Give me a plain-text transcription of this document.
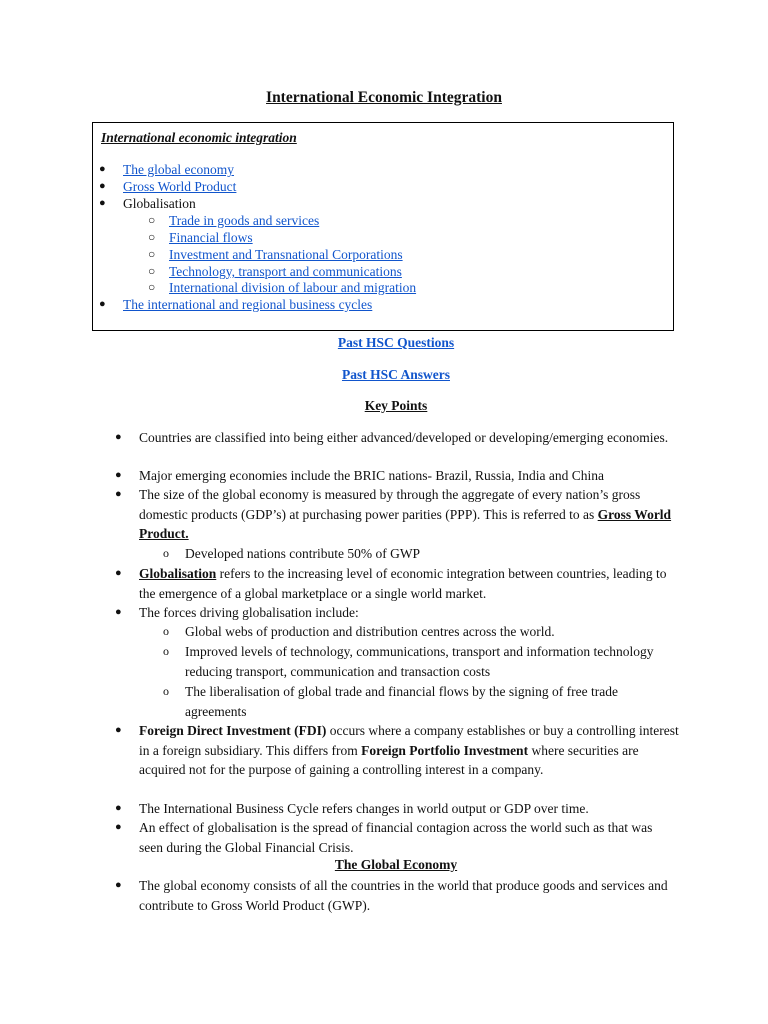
International Economic Integration
International economic integration
● The global economy
● Gross World Product
● Globalisation
○ Trade in goods and services
○ Financial flows
○ Investment and Transnational Corporations
○ Technology, transport and communications
○ International division of labour and migration
● The international and regional business cycles
Past HSC Questions
Past HSC Answers
Key Points
● Countries are classified into being either advanced/developed or developing/emerging economies.
● Major emerging economies include the BRIC nations- Brazil, Russia, India and China
● The size of the global economy is measured by through the aggregate of every nation’s gross domestic products (GDP’s) at purchasing power parities (PPP). This is referred to as Gross World Product.
o Developed nations contribute 50% of GWP
● Globalisation refers to the increasing level of economic integration between countries, leading to the emergence of a global marketplace or a single world market.
● The forces driving globalisation include:
o Global webs of production and distribution centres across the world.
o Improved levels of technology, communications, transport and information technology reducing transport, communication and transaction costs
o The liberalisation of global trade and financial flows by the signing of free trade agreements
● Foreign Direct Investment (FDI) occurs where a company establishes or buy a controlling interest in a foreign subsidiary. This differs from Foreign Portfolio Investment where securities are acquired not for the purpose of gaining a controlling interest in a company.
● The International Business Cycle refers changes in world output or GDP over time.
● An effect of globalisation is the spread of financial contagion across the world such as that was seen during the Global Financial Crisis.
The Global Economy
● The global economy consists of all the countries in the world that produce goods and services and contribute to Gross World Product (GWP).
